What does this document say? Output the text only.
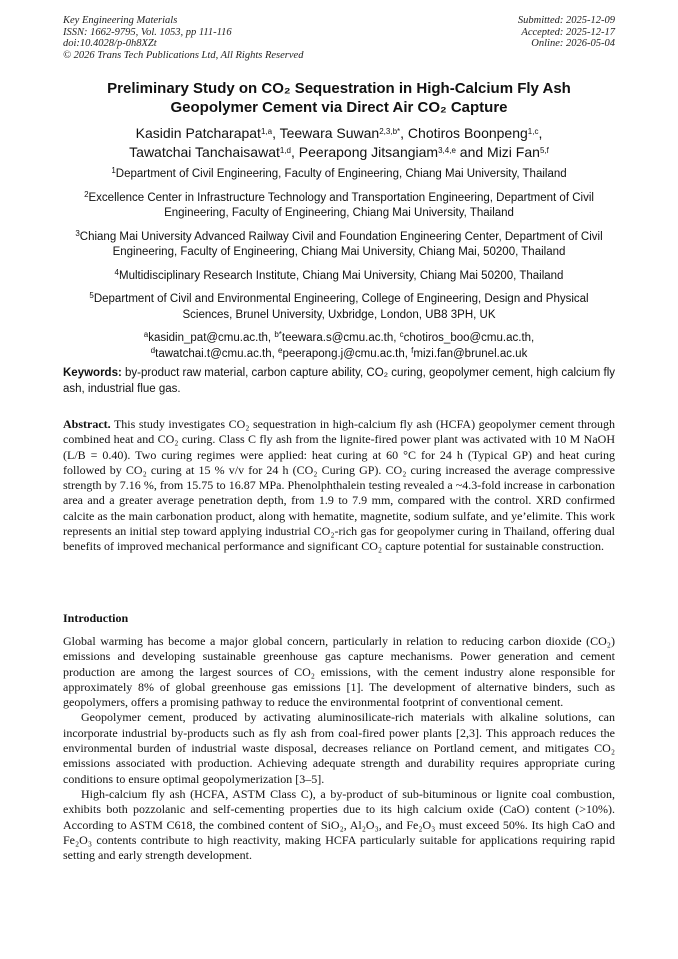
Key Engineering Materials
ISSN: 1662-9795, Vol. 1053, pp 111-116
doi:10.4028/p-0h8XZt
© 2026 Trans Tech Publications Ltd, All Rights Reserved
Submitted: 2025-12-09
Accepted: 2025-12-17
Online: 2026-05-04
Preliminary Study on CO₂ Sequestration in High-Calcium Fly Ash
Geopolymer Cement via Direct Air CO₂ Capture
Kasidin Patcharapat$^{1,a}$, Teewara Suwan$^{2,3,b*}$, Chotiros Boonpeng$^{1,c}$,
Tawatchai Tanchaisawat$^{1,d}$, Peerapong Jitsangiam$^{3,4,e}$ and Mizi Fan$^{5,f}$
$^1$Department of Civil Engineering, Faculty of Engineering, Chiang Mai University, Thailand
$^2$Excellence Center in Infrastructure Technology and Transportation Engineering, Department of Civil Engineering, Faculty of Engineering, Chiang Mai University, Thailand
$^3$Chiang Mai University Advanced Railway Civil and Foundation Engineering Center, Department of Civil Engineering, Faculty of Engineering, Chiang Mai University, Chiang Mai, 50200, Thailand
$^4$Multidisciplinary Research Institute, Chiang Mai University, Chiang Mai 50200, Thailand
$^5$Department of Civil and Environmental Engineering, College of Engineering, Design and Physical Sciences, Brunel University, Uxbridge, London, UB8 3PH, UK
$^a$kasidin_pat@cmu.ac.th, $^{b*}$teewara.s@cmu.ac.th, $^c$chotiros_boo@cmu.ac.th,
$^d$tawatchai.t@cmu.ac.th, $^e$peerapong.j@cmu.ac.th, $^f$mizi.fan@brunel.ac.uk
Keywords: by-product raw material, carbon capture ability, CO₂ curing, geopolymer cement, high calcium fly ash, industrial flue gas.
Abstract. This study investigates CO₂ sequestration in high-calcium fly ash (HCFA) geopolymer cement through combined heat and CO₂ curing. Class C fly ash from the lignite-fired power plant was activated with 10 M NaOH (L/B = 0.40). Two curing regimes were applied: heat curing at 60 °C for 24 h (Typical GP) and heat curing followed by CO₂ curing at 15 % v/v for 24 h (CO₂ Curing GP). CO₂ curing increased the average compressive strength by 7.16 %, from 15.75 to 16.87 MPa. Phenolphthalein testing revealed a ~4.3-fold increase in carbonation area and a greater average penetration depth, from 1.9 to 7.9 mm, compared with the control. XRD confirmed calcite as the main carbonation product, along with hematite, magnetite, sodium sulfate, and ye’elimite. This work represents an initial step toward applying industrial CO₂-rich gas for geopolymer curing in Thailand, offering dual benefits of improved mechanical performance and significant CO₂ capture potential for sustainable construction.
Introduction

Global warming has become a major global concern, particularly in relation to reducing carbon dioxide (CO₂) emissions and developing sustainable greenhouse gas capture mechanisms. Power generation and cement production are among the largest sources of CO₂ emissions, with the cement industry alone responsible for approximately 8% of global greenhouse gas emissions [1]. The development of alternative binders, such as geopolymers, offers a promising pathway to reduce the environmental footprint of conventional cement.

Geopolymer cement, produced by activating aluminosilicate-rich materials with alkaline solutions, can incorporate industrial by-products such as fly ash from coal-fired power plants [2,3]. This approach reduces the environmental burden of industrial waste disposal, decreases reliance on Portland cement, and mitigates CO₂ emissions associated with production. Achieving adequate strength and durability requires appropriate curing conditions to ensure optimal geopolymerization [3–5].

High-calcium fly ash (HCFA, ASTM Class C), a by-product of sub-bituminous or lignite coal combustion, exhibits both pozzolanic and self-cementing properties due to its high calcium oxide (CaO) content (>10%). According to ASTM C618, the combined content of SiO₂, Al₂O₃, and Fe₂O₃ must exceed 50%. Its high CaO and Fe₂O₃ contents contribute to high reactivity, making HCFA particularly suitable for applications requiring rapid setting and early strength development.
